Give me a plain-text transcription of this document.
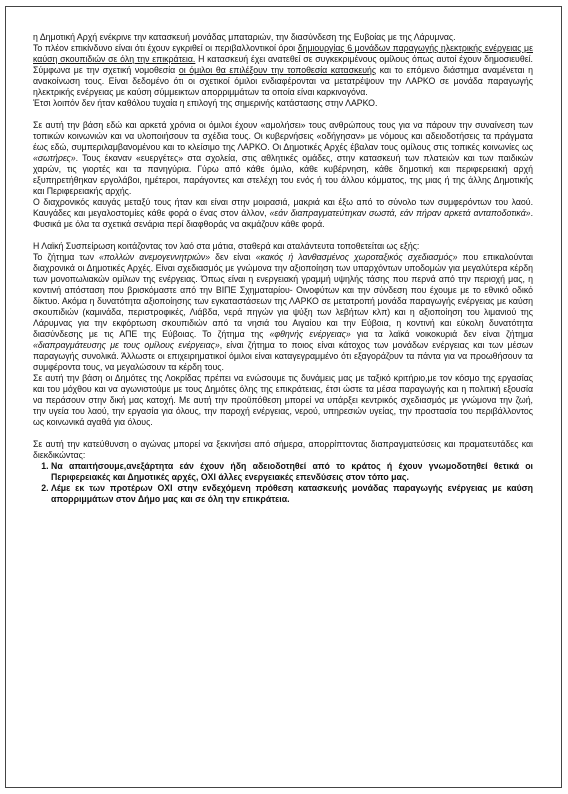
η Δημοτική Αρχή ενέκρινε την κατασκευή μονάδας μπαταριών, την διασύνδεση της Ευβοίας με της Λάρυμνας.

Το πλέον επικίνδυνο είναι ότι έχουν εγκριθεί οι περιβαλλοντικοί όροι δημιουργίας 6 μονάδων παραγωγής ηλεκτρικής ενέργειας με καύση σκουπιδιών σε όλη την επικράτεια. Η κατασκευή έχει ανατεθεί σε συγκεκριμένους ομίλους όπως αυτοί έχουν δημοσιευθεί. Σύμφωνα με την σχετική νομοθεσία οι όμιλοι θα επιλέξουν την τοποθεσία κατασκευής και το επόμενο διάστημα αναμένεται η ανακοίνωση τους. Είναι δεδομένο ότι οι σχετικοί όμιλοι ενδιαφέρονται να μετατρέψουν την ΛΑΡΚΟ σε μονάδα παραγωγής ηλεκτρικής ενέργειας με καύση σύμμεικτων απορριμμάτων τα οποία είναι καρκινογόνα.

Έτσι λοιπόν δεν ήταν καθόλου τυχαία η επιλογή της σημερινής κατάστασης στην ΛΑΡΚΟ.

Σε αυτή την βάση εδώ και αρκετά χρόνια οι όμιλοι έχουν «αμολήσει» τους ανθρώπους τους για να πάρουν την συναίνεση των τοπικών κοινωνιών και να υλοποιήσουν τα σχέδια τους. Οι κυβερνήσεις «οδήγησαν» με νόμους και αδειοδοτήσεις τα πράγματα έως εδώ, συμπεριλαμβανομένου και το κλείσιμο της ΛΑΡΚΟ. Οι Δημοτικές Αρχές έβαλαν τους ομίλους στις τοπικές κοινωνίες ως «σωτήρες». Τους έκαναν «ευεργέτες» στα σχολεία, στις αθλητικές ομάδες, στην κατασκευή των πλατειών και των παιδικών χαρών, τις γιορτές και τα πανηγύρια. Γύρω από κάθε όμιλο, κάθε κυβέρνηση, κάθε δημοτική και περιφερειακή αρχή εξυπηρετήθηκαν εργολάβοι, ημέτεροι, παράγοντες και στελέχη του ενός ή του άλλου κόμματος, της μιας ή της άλλης Δημοτικής και Περιφερειακής αρχής.

Ο διαχρονικός καυγάς μεταξύ τους ήταν και είναι στην μοιρασιά, μακριά και έξω από το σύνολο των συμφερόντων του λαού. Καυγάδες και μεγαλοστομίες κάθε φορά ο ένας στον άλλον, «εάν διαπραγματεύτηκαν σωστά, εάν πήραν αρκετά ανταποδοτικά». Φυσικά με όλα τα σχετικά σενάρια περί διαφθοράς να ακμάζουν κάθε φορά.

Η Λαϊκή Συσπείρωση κοιτάζοντας τον λαό στα μάτια, σταθερά και αταλάντευτα τοποθετείται ως εξής:

Το ζήτημα των «πολλών ανεμογεννητριών» δεν είναι «κακός ή λανθασμένος χωροταξικός σχεδιασμός» που επικαλούνται διαχρονικά οι Δημοτικές Αρχές. Είναι σχεδιασμός με γνώμονα την αξιοποίηση των υπαρχόντων υποδομών για μεγαλύτερα κέρδη των μονοπωλιακών ομίλων της ενέργειας. Όπως είναι η ενεργειακή γραμμή υψηλής τάσης που περνά από την περιοχή μας, η κοντινή απόσταση που βρισκόμαστε από την ΒΙΠΕ Σχηματαρίου- Οινοφύτων και την σύνδεση που έχουμε με το εθνικό οδικό δίκτυο. Ακόμα η δυνατότητα αξιοποίησης των εγκαταστάσεων της ΛΑΡΚΟ σε μετατροπή μονάδα παραγωγής ενέργειας με καύση σκουπιδιών (καμινάδα, περιστροφικές, Λιάβδα, νερά πηγών για ψύξη των λεβήτων κλπ) και η αξιοποίηση του λιμανιού της Λάρυμνας για την εκφόρτωση σκουπιδιών από τα νησιά του Αιγαίου και την Εύβοια, η κοντινή και εύκολη δυνατότητα διασύνδεσης με τις ΑΠΕ της Εύβοιας. Το ζήτημα της «φθηνής ενέργειας» για τα λαϊκά νοικοκυριά δεν είναι ζήτημα «διαπραγμάτευσης με τους ομίλους ενέργειας», είναι ζήτημα το ποιος είναι κάτοχος των μονάδων ενέργειας και των μέσων παραγωγής συνολικά. Άλλωστε οι επιχειρηματικοί όμιλοι είναι καταγεγραμμένο ότι εξαγοράζουν τα πάντα για να προωθήσουν τα συμφέροντα τους, να μεγαλώσουν τα κέρδη τους.

Σε αυτή την βάση οι Δημότες της Λοκρίδας πρέπει να ενώσουμε τις δυνάμεις μας με ταξικό κριτήριο,με τον κόσμο της εργασίας και του μόχθου και να αγωνιστούμε με τους Δημότες όλης της επικράτειας, έτσι ώστε τα μέσα παραγωγής και η πολιτική εξουσία να περάσουν στην δική μας κατοχή. Με αυτή την προϋπόθεση μπορεί να υπάρξει κεντρικός σχεδιασμός με γνώμονα την ζωή, την υγεία του λαού, την εργασία για όλους, την παροχή ενέργειας, νερού, υπηρεσιών υγείας, την προστασία του περιβάλλοντος ως κοινωνικά αγαθά για όλους.

Σε αυτή την κατεύθυνση ο αγώνας μπορεί να ξεκινήσει από σήμερα, απορρίπτοντας διαπραγματεύσεις και πραματευτάδες και διεκδικώντας:

1. Να απαιτήσουμε,ανεξάρτητα εάν έχουν ήδη αδειοδοτηθεί από το κράτος ή έχουν γνωμοδοτηθεί θετικά οι Περιφερειακές και Δημοτικές αρχές, ΟΧΙ άλλες ενεργειακές επενδύσεις στον τόπο μας.
2. Λέμε εκ των προτέρων ΟΧΙ στην ενδεχόμενη πρόθεση κατασκευής μονάδας παραγωγής ενέργειας με καύση απορριμμάτων στον Δήμο μας και σε όλη την επικράτεια.
